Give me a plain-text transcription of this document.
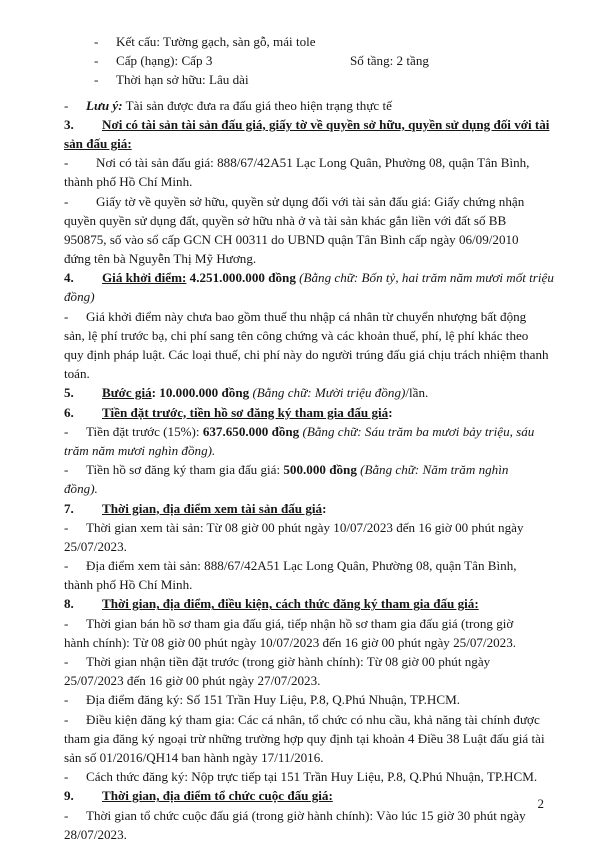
- Kết cấu: Tường gạch, sàn gỗ, mái tole
- Cấp (hạng): Cấp 3	Số tầng: 2 tầng
- Thời hạn sở hữu: Lâu dài
- Lưu ý: Tài sản được đưa ra đấu giá theo hiện trạng thực tế
3. Nơi có tài sản tài sản đấu giá, giấy tờ về quyền sở hữu, quyền sử dụng đối với tài
sản đấu giá:
- Nơi có tài sản đấu giá: 888/67/42A51 Lạc Long Quân, Phường 08, quận Tân Bình,
thành phố Hồ Chí Minh.
- Giấy tờ về quyền sở hữu, quyền sử dụng đối với tài sản đấu giá: Giấy chứng nhận
quyền quyền sử dụng đất, quyền sở hữu nhà ở và tài sản khác gắn liền với đất số BB
950875, số vào sổ cấp GCN CH 00311 do UBND quận Tân Bình cấp ngày 06/09/2010
đứng tên bà Nguyễn Thị Mỹ Hương.
4. Giá khởi điểm: 4.251.000.000 đồng (Bằng chữ: Bốn tỷ, hai trăm năm mươi mốt triệu
đồng)
- Giá khởi điểm này chưa bao gồm thuế thu nhập cá nhân từ chuyển nhượng bất động
sản, lệ phí trước bạ, chi phí sang tên công chứng và các khoản thuế, phí, lệ phí khác theo
quy định pháp luật. Các loại thuế, chi phí này do người trúng đấu giá chịu trách nhiệm thanh
toán.
5. Bước giá: 10.000.000 đồng (Bằng chữ: Mười triệu đồng)/lần.
6. Tiền đặt trước, tiền hồ sơ đăng ký tham gia đấu giá:
- Tiền đặt trước (15%): 637.650.000 đồng (Bằng chữ: Sáu trăm ba mươi bảy triệu, sáu
trăm năm mươi nghìn đồng).
- Tiền hồ sơ đăng ký tham gia đấu giá: 500.000 đồng (Bằng chữ: Năm trăm nghìn
đồng).
7. Thời gian, địa điểm xem tài sản đấu giá:
- Thời gian xem tài sản: Từ 08 giờ 00 phút ngày 10/07/2023 đến 16 giờ 00 phút ngày
25/07/2023.
- Địa điểm xem tài sản: 888/67/42A51 Lạc Long Quân, Phường 08, quận Tân Bình,
thành phố Hồ Chí Minh.
8. Thời gian, địa điểm, điều kiện, cách thức đăng ký tham gia đấu giá:
- Thời gian bán hồ sơ tham gia đấu giá, tiếp nhận hồ sơ tham gia đấu giá (trong giờ
hành chính): Từ 08 giờ 00 phút ngày 10/07/2023 đến 16 giờ 00 phút ngày 25/07/2023.
- Thời gian nhận tiền đặt trước (trong giờ hành chính): Từ 08 giờ 00 phút ngày
25/07/2023 đến 16 giờ 00 phút ngày 27/07/2023.
- Địa điểm đăng ký: Số 151 Trần Huy Liệu, P.8, Q.Phú Nhuận, TP.HCM.
- Điều kiện đăng ký tham gia: Các cá nhân, tổ chức có nhu cầu, khả năng tài chính được
tham gia đăng ký ngoại trừ những trường hợp quy định tại khoản 4 Điều 38 Luật đấu giá tài
sản số 01/2016/QH14 ban hành ngày 17/11/2016.
- Cách thức đăng ký: Nộp trực tiếp tại 151 Trần Huy Liệu, P.8, Q.Phú Nhuận, TP.HCM.
9. Thời gian, địa điểm tổ chức cuộc đấu giá:
- Thời gian tổ chức cuộc đấu giá (trong giờ hành chính): Vào lúc 15 giờ 30 phút ngày
28/07/2023.
2
